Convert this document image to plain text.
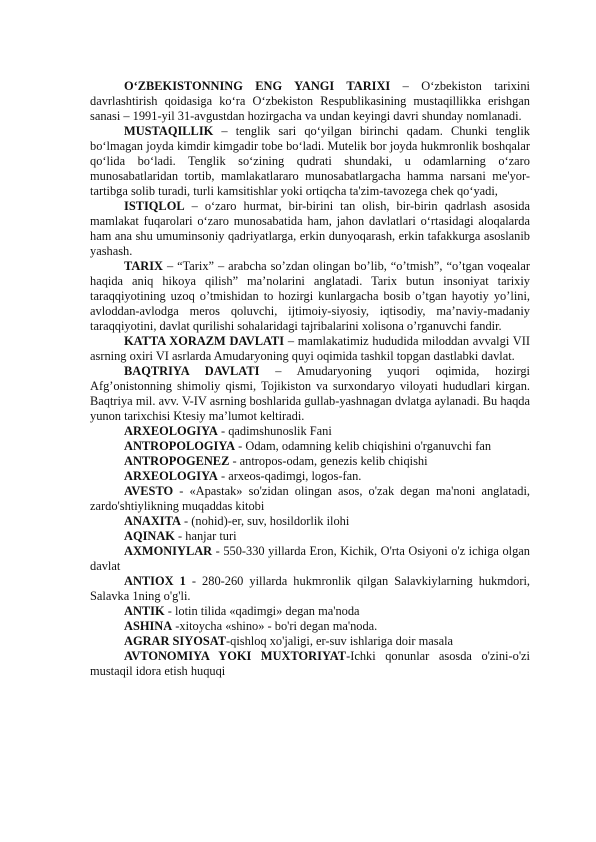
O‘ZBEKISTONNING ENG YANGI TARIXI – O‘zbekiston tarixini davrlashtirish qoidasiga ko‘ra O‘zbekiston Respublikasining mustaqillikka erishgan sanasi – 1991-yil 31-avgustdan hozirgacha va undan keyingi davri shunday nomlanadi.

MUSTAQILLIK – tenglik sari qo‘yilgan birinchi qadam. Chunki tenglik bo‘lmagan joyda kimdir kimgadir tobe bo‘ladi. Mutelik bor joyda hukmronlik boshqalar qo‘lida bo‘ladi. Tenglik so‘zining qudrati shundaki, u odamlarning o‘zaro munosabatlaridan tortib, mamlakatlararo munosabatlargacha hamma narsani me'yor-tartibga solib turadi, turli kamsitishlar yoki ortiqcha ta'zim-tavozega chek qo‘yadi,

ISTIQLOL – o‘zaro hurmat, bir-birini tan olish, bir-birin qadrlash asosida mamlakat fuqarolari o‘zaro munosabatida ham, jahon davlatlari o‘rtasidagi aloqalarda ham ana shu umuminsoniy qadriyatlarga, erkin dunyoqarash, erkin tafakkurga asoslanib yashash.

TARIX – “Tarix” – arabcha so’zdan olingan bo’lib, “o’tmish”, “o’tgan voqealar haqida aniq hikoya qilish” ma’nolarini anglatadi. Tarix butun insoniyat tarixiy taraqqiyotining uzoq o’tmishidan to hozirgi kunlargacha bosib o’tgan hayotiy yo’lini, avloddan-avlodga meros qoluvchi, ijtimoiy-siyosiy, iqtisodiy, ma’naviy-madaniy taraqqiyotini, davlat qurilishi sohalaridagi tajribalarini xolisona o’rganuvchi fandir.

KATTA XORAZM DAVLATI – mamlakatimiz hududida miloddan avvalgi VII asrning oxiri VI asrlarda Amudaryoning quyi oqimida tashkil topgan dastlabki davlat.

BAQTRIYA DAVLATI – Amudaryoning yuqori oqimida, hozirgi Afg’onistonning shimoliy qismi, Tojikiston va surxondaryo viloyati hududlari kirgan. Baqtriya mil. avv. V-IV asrning boshlarida gullab-yashnagan dvlatga aylanadi. Bu haqda yunon tarixchisi Ktesiy ma’lumot keltiradi.

ARXEOLOGIYA - qadimshunoslik Fani

ANTROPOLOGIYA - Odam, odamning kelib chiqishini o'rganuvchi fan

ANTROPOGENEZ - antropos-odam, genezis kelib chiqishi

ARXEOLOGIYA - arxeos-qadimgi, logos-fan.

AVESTO - «Apastak» so'zidan olingan asos, o'zak degan ma'noni anglatadi, zardo'shtiylikning muqaddas kitobi

ANAXITA - (nohid)-er, suv, hosildorlik ilohi

AQINAK - hanjar turi

AXMONIYLAR - 550-330 yillarda Eron, Kichik, O'rta Osiyoni o'z ichiga olgan davlat

ANTIOX 1 - 280-260 yillarda hukmronlik qilgan Salavkiylarning hukmdori, Salavka 1ning o'g'li.

ANTIK - lotin tilida «qadimgi» degan ma'noda

ASHINA -xitoycha «shino» - bo'ri degan ma'noda.

AGRAR SIYOSAT-qishloq xo'jaligi, er-suv ishlariga doir masala

AVTONOMIYA YOKI MUXTORIYAT-Ichki qonunlar asosda o'zini-o'zi mustaqil idora etish huquqi
